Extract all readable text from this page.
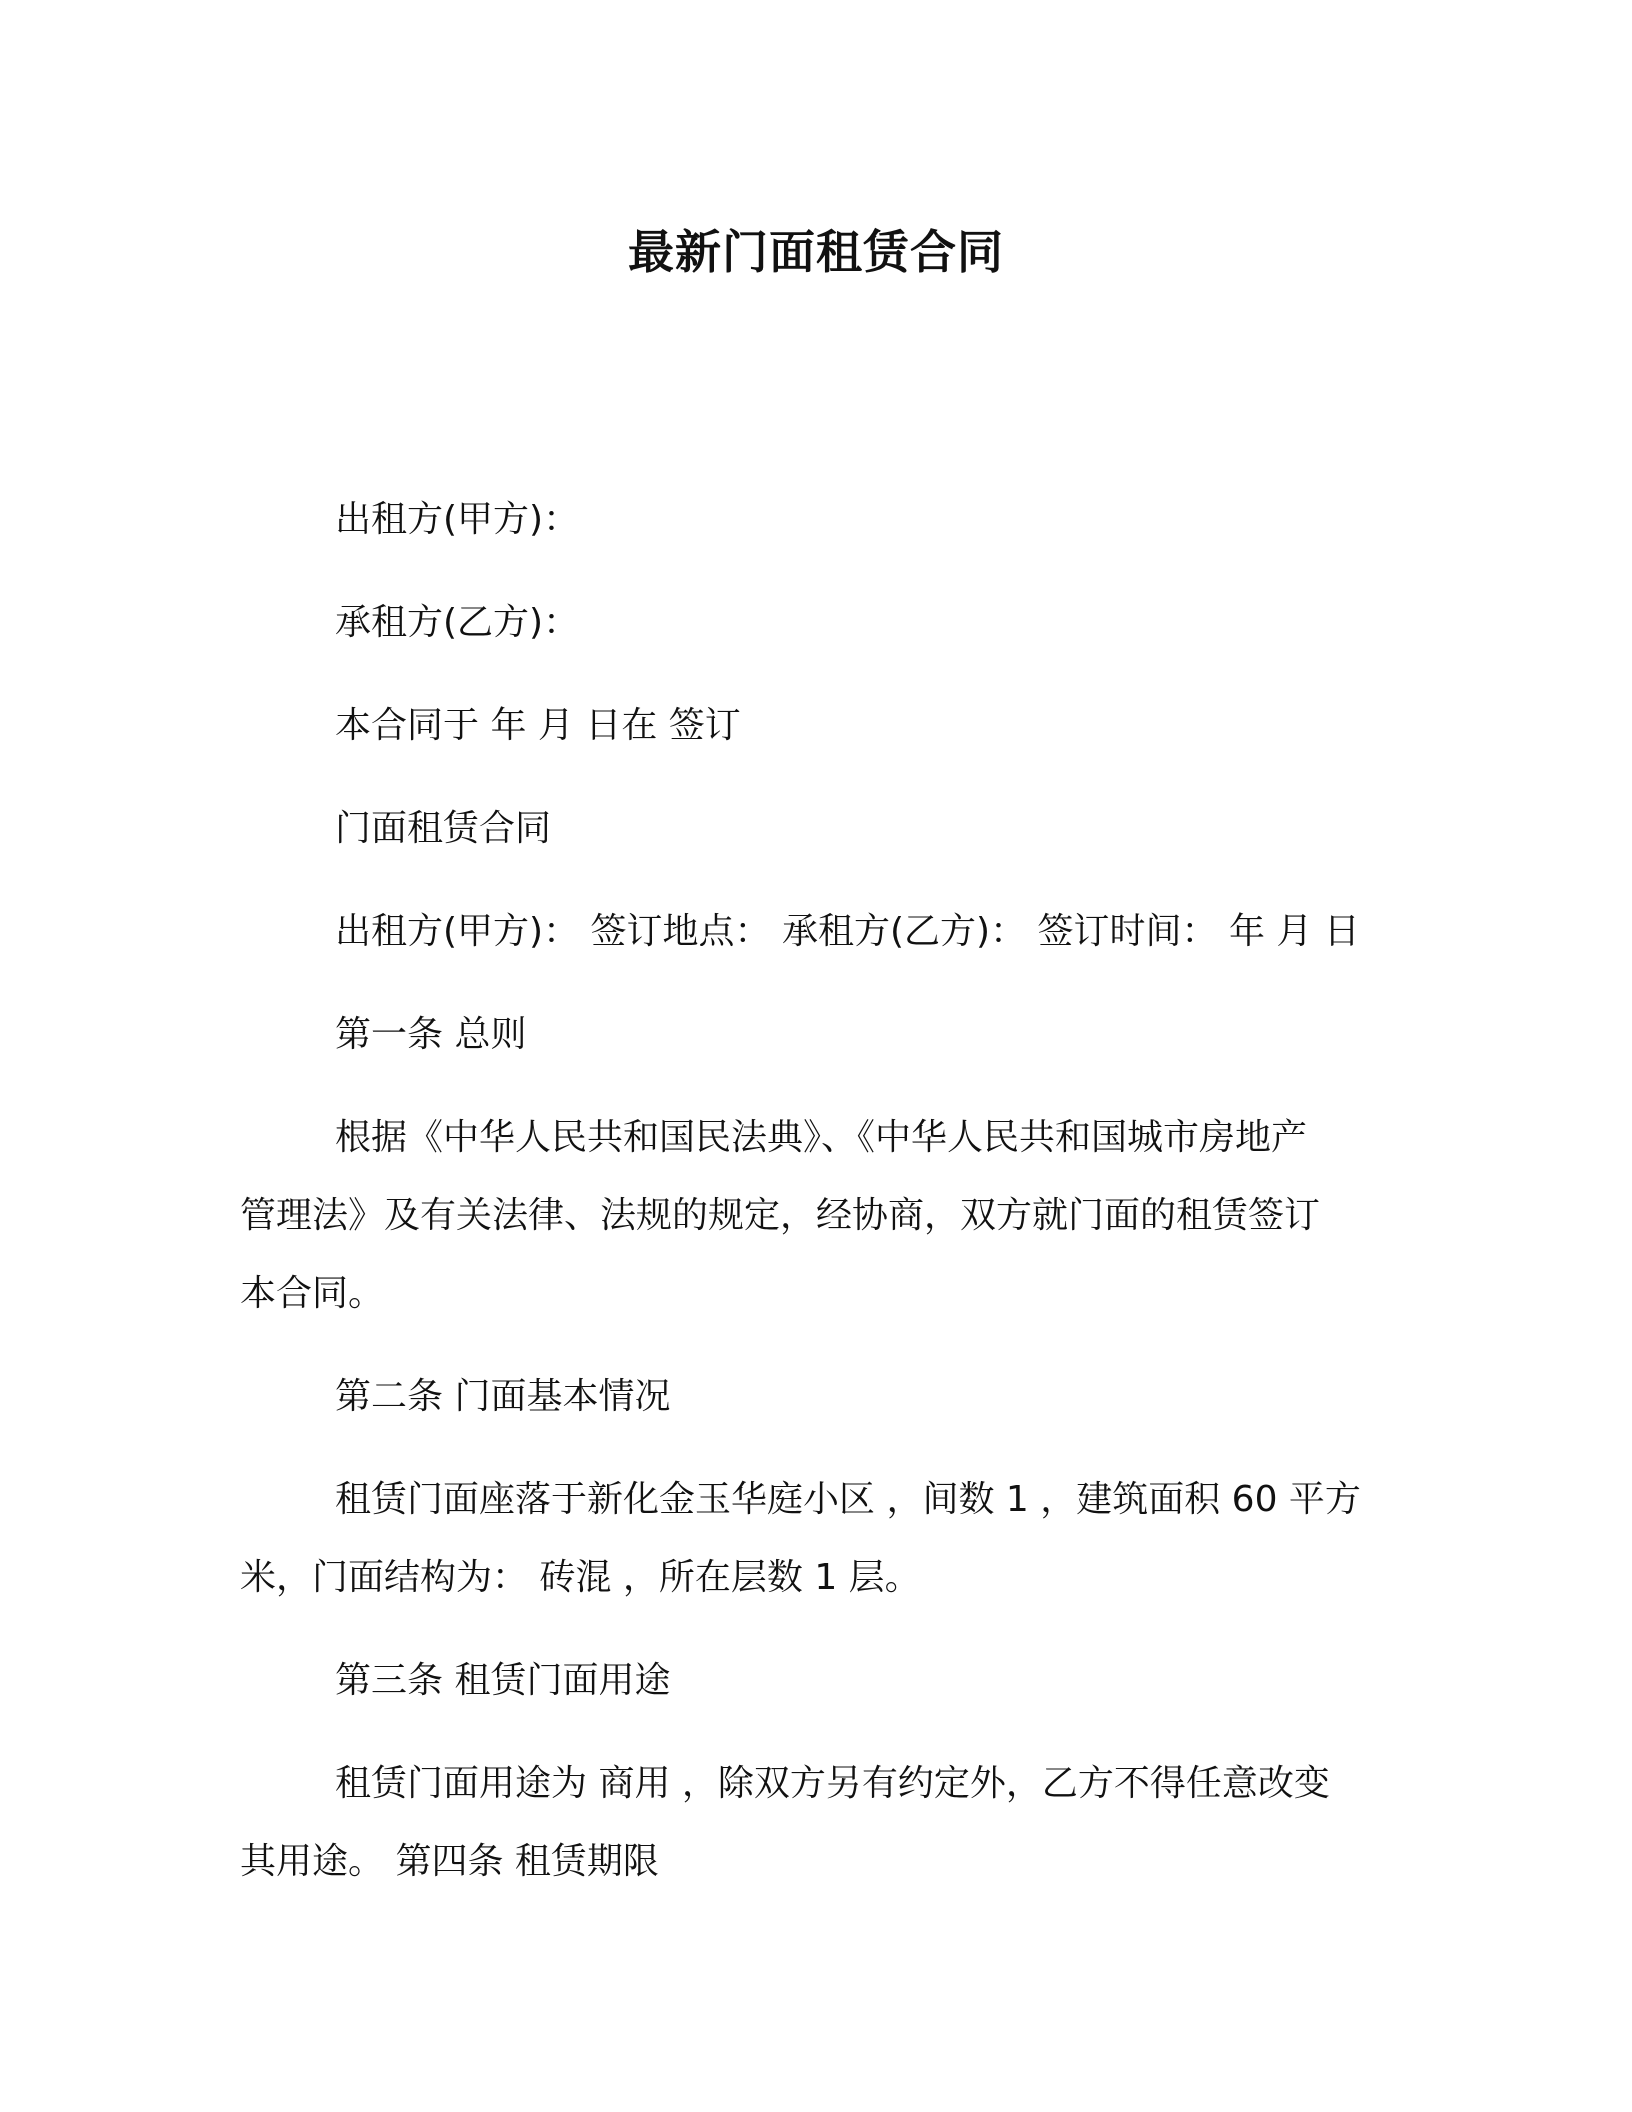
最新门面租赁合同
出租方(甲方)：
承租方(乙方)：
本合同于 年 月 日在 签订
门面租赁合同
出租方(甲方)： 签订地点： 承租方(乙方)： 签订时间： 年 月 日
第一条 总则
根据《中华人民共和国民法典》、《中华人民共和国城市房地产
管理法》及有关法律、法规的规定，经协商，双方就门面的租赁签订
本合同。
第二条 门面基本情况
租赁门面座落于新化金玉华庭小区 ，间数 1 ，建筑面积 60 平方
米，门面结构为： 砖混 ，所在层数 1 层。
第三条 租赁门面用途
租赁门面用途为 商用 ，除双方另有约定外，乙方不得任意改变
其用途。 第四条 租赁期限
